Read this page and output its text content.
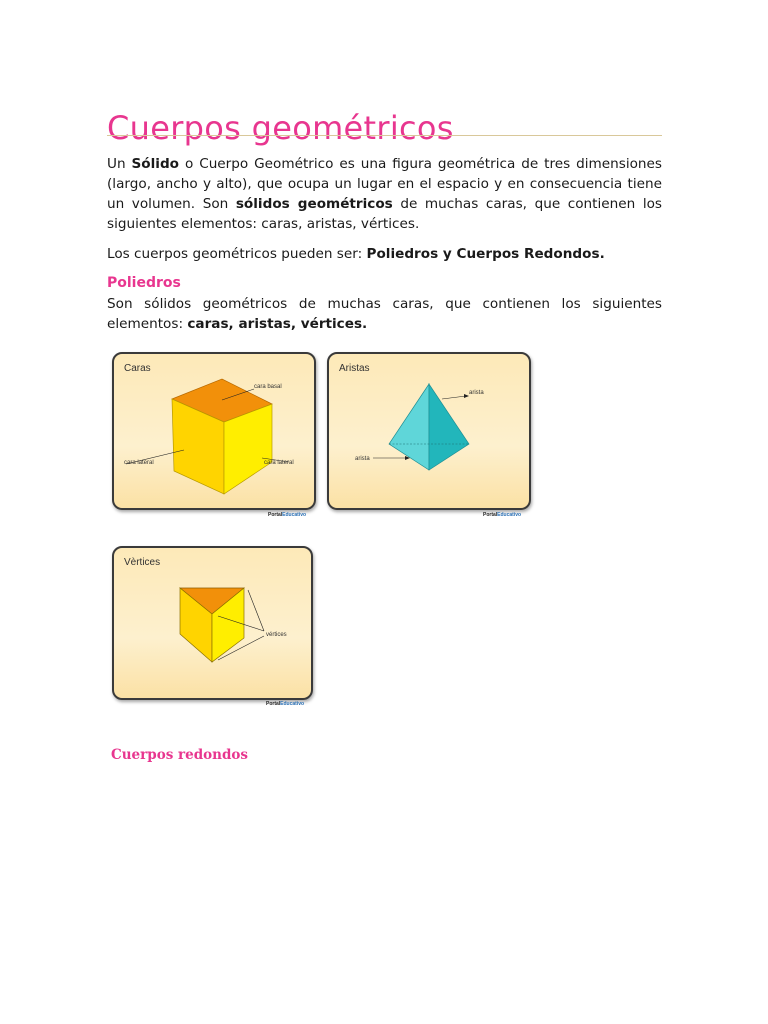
Cuerpos geométricos

Un Sólido o Cuerpo Geométrico es una figura geométrica de tres dimensiones (largo, ancho y alto), que ocupa un lugar en el espacio y en consecuencia tiene un volumen. Son sólidos geométricos de muchas caras, que contienen los siguientes elementos: caras, aristas, vértices.

Los cuerpos geométricos pueden ser: Poliedros y Cuerpos Redondos.

Poliedros

Son sólidos geométricos de muchas caras, que contienen los siguientes elementos: caras, aristas, vértices.

Caras
cara basal
cara lateral	cara lateral
PortalEducativo
Aristas
arista
arista
PortalEducativo
Vèrtices
vértices
PortalEducativo
Cuerpos redondos
